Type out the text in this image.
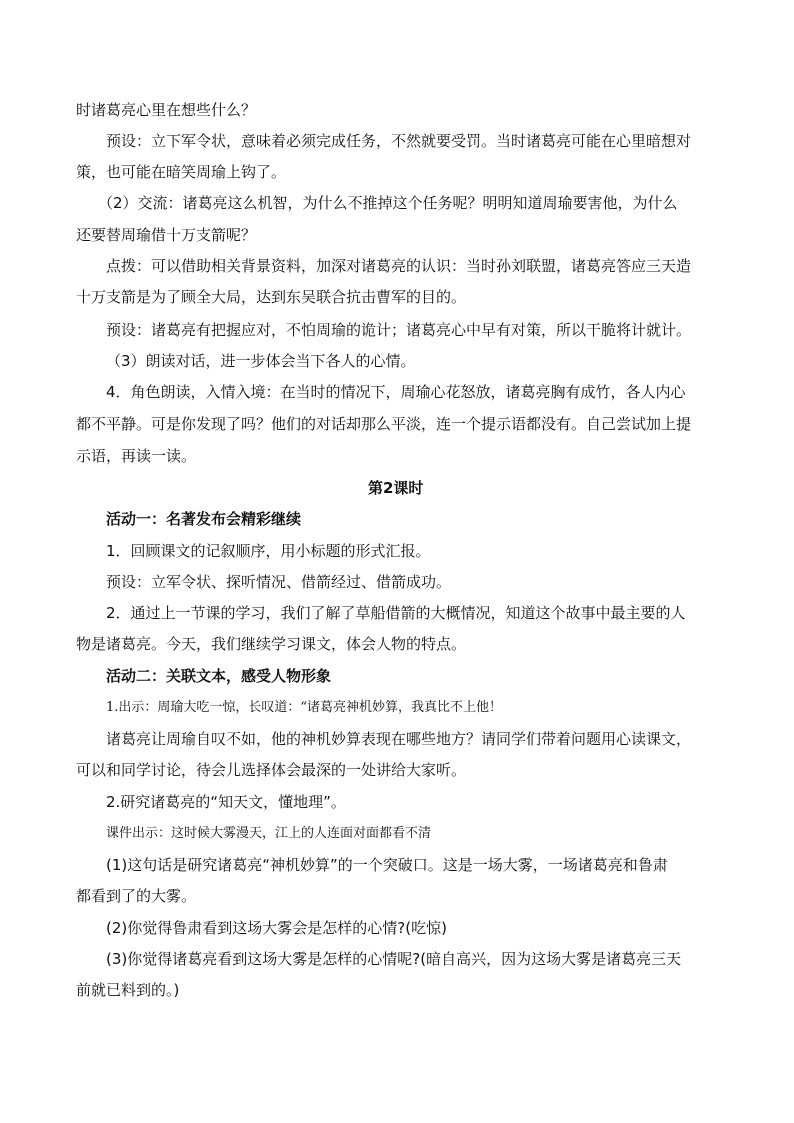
时诸葛亮心里在想些什么？
预设：立下军令状，意味着必须完成任务，不然就要受罚。当时诸葛亮可能在心里暗想对
策，也可能在暗笑周瑜上钩了。
（2）交流：诸葛亮这么机智，为什么不推掉这个任务呢？明明知道周瑜要害他，为什么
还要替周瑜借十万支箭呢？
点拨：可以借助相关背景资料，加深对诸葛亮的认识：当时孙刘联盟，诸葛亮答应三天造
十万支箭是为了顾全大局，达到东吴联合抗击曹军的目的。
预设：诸葛亮有把握应对，不怕周瑜的诡计；诸葛亮心中早有对策，所以干脆将计就计。
（3）朗读对话，进一步体会当下各人的心情。
4．角色朗读，入情入境：在当时的情况下，周瑜心花怒放，诸葛亮胸有成竹，各人内心
都不平静。可是你发现了吗？他们的对话却那么平淡，连一个提示语都没有。自己尝试加上提
示语，再读一读。
第2课时
活动一：名著发布会精彩继续
1．回顾课文的记叙顺序，用小标题的形式汇报。
预设：立军令状、探听情况、借箭经过、借箭成功。
2．通过上一节课的学习，我们了解了草船借箭的大概情况，知道这个故事中最主要的人
物是诸葛亮。今天，我们继续学习课文，体会人物的特点。
活动二：关联文本，感受人物形象
1.出示：周瑜大吃一惊，长叹道：“诸葛亮神机妙算，我真比不上他！
诸葛亮让周瑜自叹不如，他的神机妙算表现在哪些地方？请同学们带着问题用心读课文，
可以和同学讨论，待会儿选择体会最深的一处讲给大家听。
2.研究诸葛亮的“知天文，懂地理”。
课件出示：这时候大雾漫天，江上的人连面对面都看不清
(1)这句话是研究诸葛亮“神机妙算”的一个突破口。这是一场大雾，一场诸葛亮和鲁肃
都看到了的大雾。
(2)你觉得鲁肃看到这场大雾会是怎样的心情?(吃惊)
(3)你觉得诸葛亮看到这场大雾是怎样的心情呢?(暗自高兴，因为这场大雾是诸葛亮三天
前就已料到的。)
